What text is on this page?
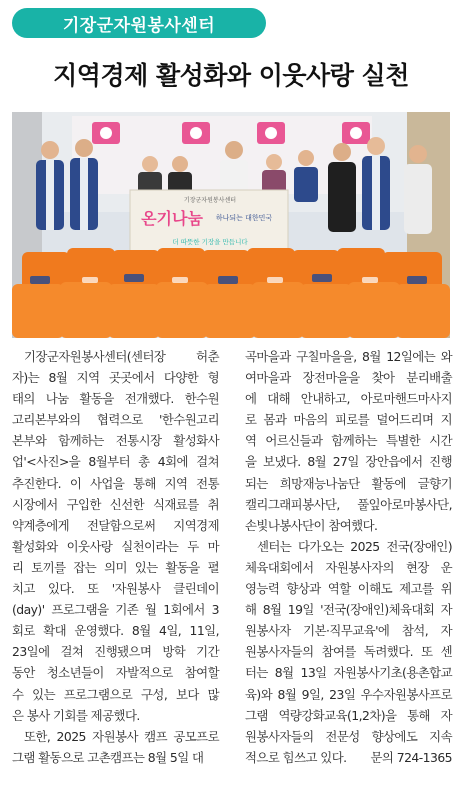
기장군자원봉사센터
지역경제 활성화와 이웃사랑 실천
기장군자원봉사센터
온기나눔 하나되는 대한민국
더 따뜻한 기장을 만듭니다
기장군자원봉사센터(센터장 허춘
자)는 8월 지역 곳곳에서 다양한 형
태의 나눔 활동을 전개했다. 한수원
고리본부와의 협력으로 '한수원고리
본부와 함께하는 전통시장 활성화사
업'<사진>을 8월부터 총 4회에 걸쳐
추진한다. 이 사업을 통해 지역 전통
시장에서 구입한 신선한 식재료를 취
약계층에게 전달함으로써 지역경제
활성화와 이웃사랑 실천이라는 두 마
리 토끼를 잡는 의미 있는 활동을 펼
치고 있다. 또 '자원봉사 클린데이
(day)' 프로그램을 기존 월 1회에서 3
회로 확대 운영했다. 8월 4일, 11일,
23일에 걸쳐 진행됐으며 방학 기간
동안 청소년들이 자발적으로 참여할
수 있는 프로그램으로 구성, 보다 많
은 봉사 기회를 제공했다.
또한, 2025 자원봉사 캠프 공모프로
그램 활동으로 고촌캠프는 8월 5일 대
곡마을과 구칠마을을, 8월 12일에는 와
여마을과 장전마을을 찾아 분리배출
에 대해 안내하고, 아로마핸드마사지
로 몸과 마음의 피로를 덜어드리며 지
역 어르신들과 함께하는 특별한 시간
을 보냈다. 8월 27일 장안읍에서 진행
되는 희망재능나눔단 활동에 글향기
캘리그래피봉사단, 풀잎아로마봉사단,
손빛나봉사단이 참여했다.
센터는 다가오는 2025 전국(장애인)
체육대회에서 자원봉사자의 현장 운
영능력 향상과 역할 이해도 제고를 위
해 8월 19일 '전국(장애인)체육대회 자
원봉사자 기본·직무교육'에 참석, 자
원봉사자들의 참여를 독려했다. 또 센
터는 8월 13일 자원봉사기초(용촌합교
육)와 8월 9일, 23일 우수자원봉사프로
그램 역량강화교육(1,2차)을 통해 자
원봉사자들의 전문성 향상에도 지속
적으로 힘쓰고 있다.	문의 724-1365
